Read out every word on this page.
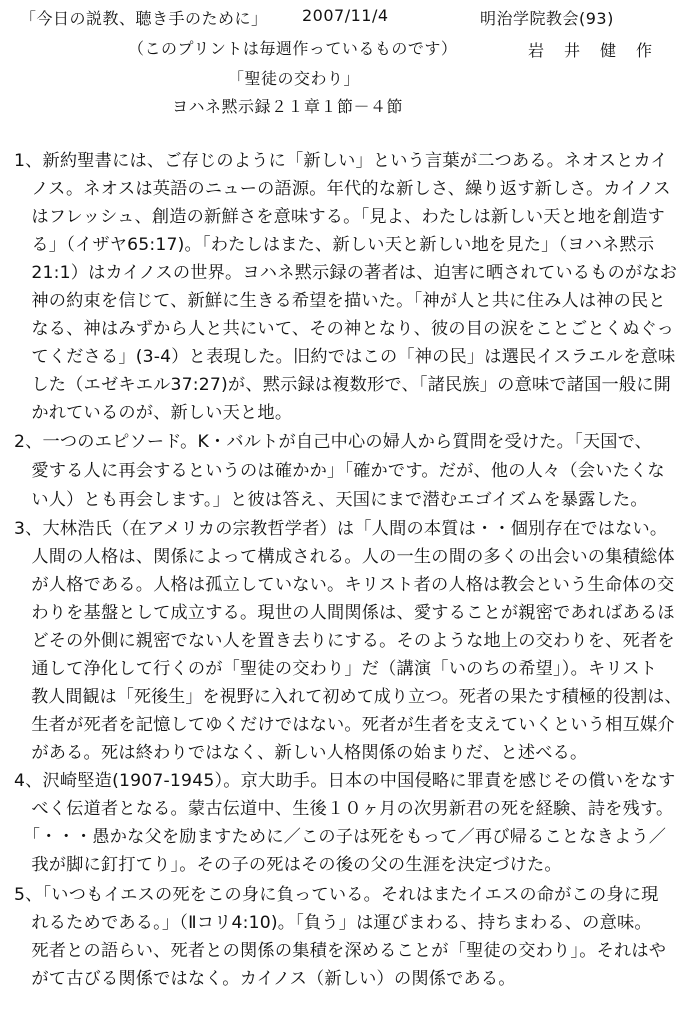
「今日の説教、聴き手のために」 2007/11/4	明治学院教会(93)
（このプリントは毎週作っているものです）	岩　井　健　作
「聖徒の交わり」
ヨハネ黙示録２１章１節－４節
1、新約聖書には、ご存じのように「新しい」という言葉が二つある。ネオスとカイ
　ノス。ネオスは英語のニューの語源。年代的な新しさ、繰り返す新しさ。カイノス
　はフレッシュ、創造の新鮮さを意味する。「見よ、わたしは新しい天と地を創造す
　る」（イザヤ65:17)。「わたしはまた、新しい天と新しい地を見た」（ヨハネ黙示
　21:1）はカイノスの世界。ヨハネ黙示録の著者は、迫害に晒されているものがなお
　神の約束を信じて、新鮮に生きる希望を描いた。「神が人と共に住み人は神の民と
　なる、神はみずから人と共にいて、その神となり、彼の目の涙をことごとくぬぐっ
　てくださる」(3-4）と表現した。旧約ではこの「神の民」は選民イスラエルを意味
　した（エゼキエル37:27)が、黙示録は複数形で、「諸民族」の意味で諸国一般に開
　かれているのが、新しい天と地。
2、一つのエピソード。K・バルトが自己中心の婦人から質問を受けた。「天国で、
　愛する人に再会するというのは確かか」「確かです。だが、他の人々（会いたくな
　い人）とも再会します。」と彼は答え、天国にまで潜むエゴイズムを暴露した。
3、大林浩氏（在アメリカの宗教哲学者）は「人間の本質は・・個別存在ではない。
　人間の人格は、関係によって構成される。人の一生の間の多くの出会いの集積総体
　が人格である。人格は孤立していない。キリスト者の人格は教会という生命体の交
　わりを基盤として成立する。現世の人間関係は、愛することが親密であればあるほ
　どその外側に親密でない人を置き去りにする。そのような地上の交わりを、死者を
　通して浄化して行くのが「聖徒の交わり」だ（講演「いのちの希望」）。キリスト
　教人間観は「死後生」を視野に入れて初めて成り立つ。死者の果たす積極的役割は、
　生者が死者を記憶してゆくだけではない。死者が生者を支えていくという相互媒介
　がある。死は終わりではなく、新しい人格関係の始まりだ、と述べる。
4、沢崎堅造(1907-1945）。京大助手。日本の中国侵略に罪責を感じその償いをなす
　べく伝道者となる。蒙古伝道中、生後１０ヶ月の次男新君の死を経験、詩を残す。
　「・・・愚かな父を励ますために／この子は死をもって／再び帰ることなきよう／
　我が脚に釘打てり」。その子の死はその後の父の生涯を決定づけた。
5、「いつもイエスの死をこの身に負っている。それはまたイエスの命がこの身に現
　れるためである。」（Ⅱコリ4:10)。「負う」は運びまわる、持ちまわる、の意味。
　死者との語らい、死者との関係の集積を深めることが「聖徒の交わり」。それはや
　がて古びる関係ではなく。カイノス（新しい）の関係である。
